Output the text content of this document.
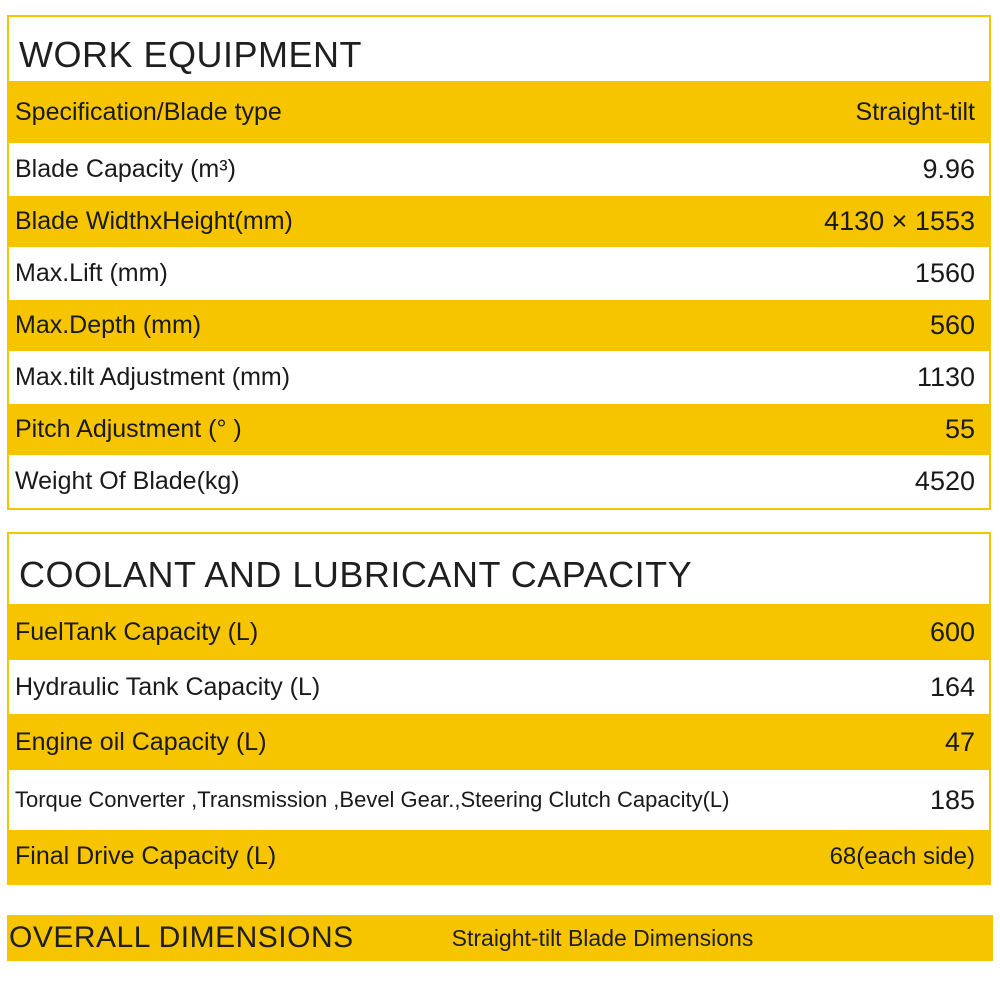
WORK EQUIPMENT
Specification/Blade type	Straight-tilt
Blade Capacity (m³)	9.96
Blade WidthxHeight(mm)	4130 × 1553
Max.Lift (mm)	1560
Max.Depth (mm)	560
Max.tilt Adjustment (mm)	1130
Pitch Adjustment (° )	55
Weight Of Blade(kg)	4520
COOLANT AND LUBRICANT CAPACITY
FuelTank Capacity (L)	600
Hydraulic Tank Capacity (L)	164
Engine oil Capacity (L)	47
Torque Converter ,Transmission ,Bevel Gear.,Steering Clutch Capacity(L)	185
Final Drive Capacity (L)	68(each side)
OVERALL DIMENSIONS	Straight-tilt Blade Dimensions
